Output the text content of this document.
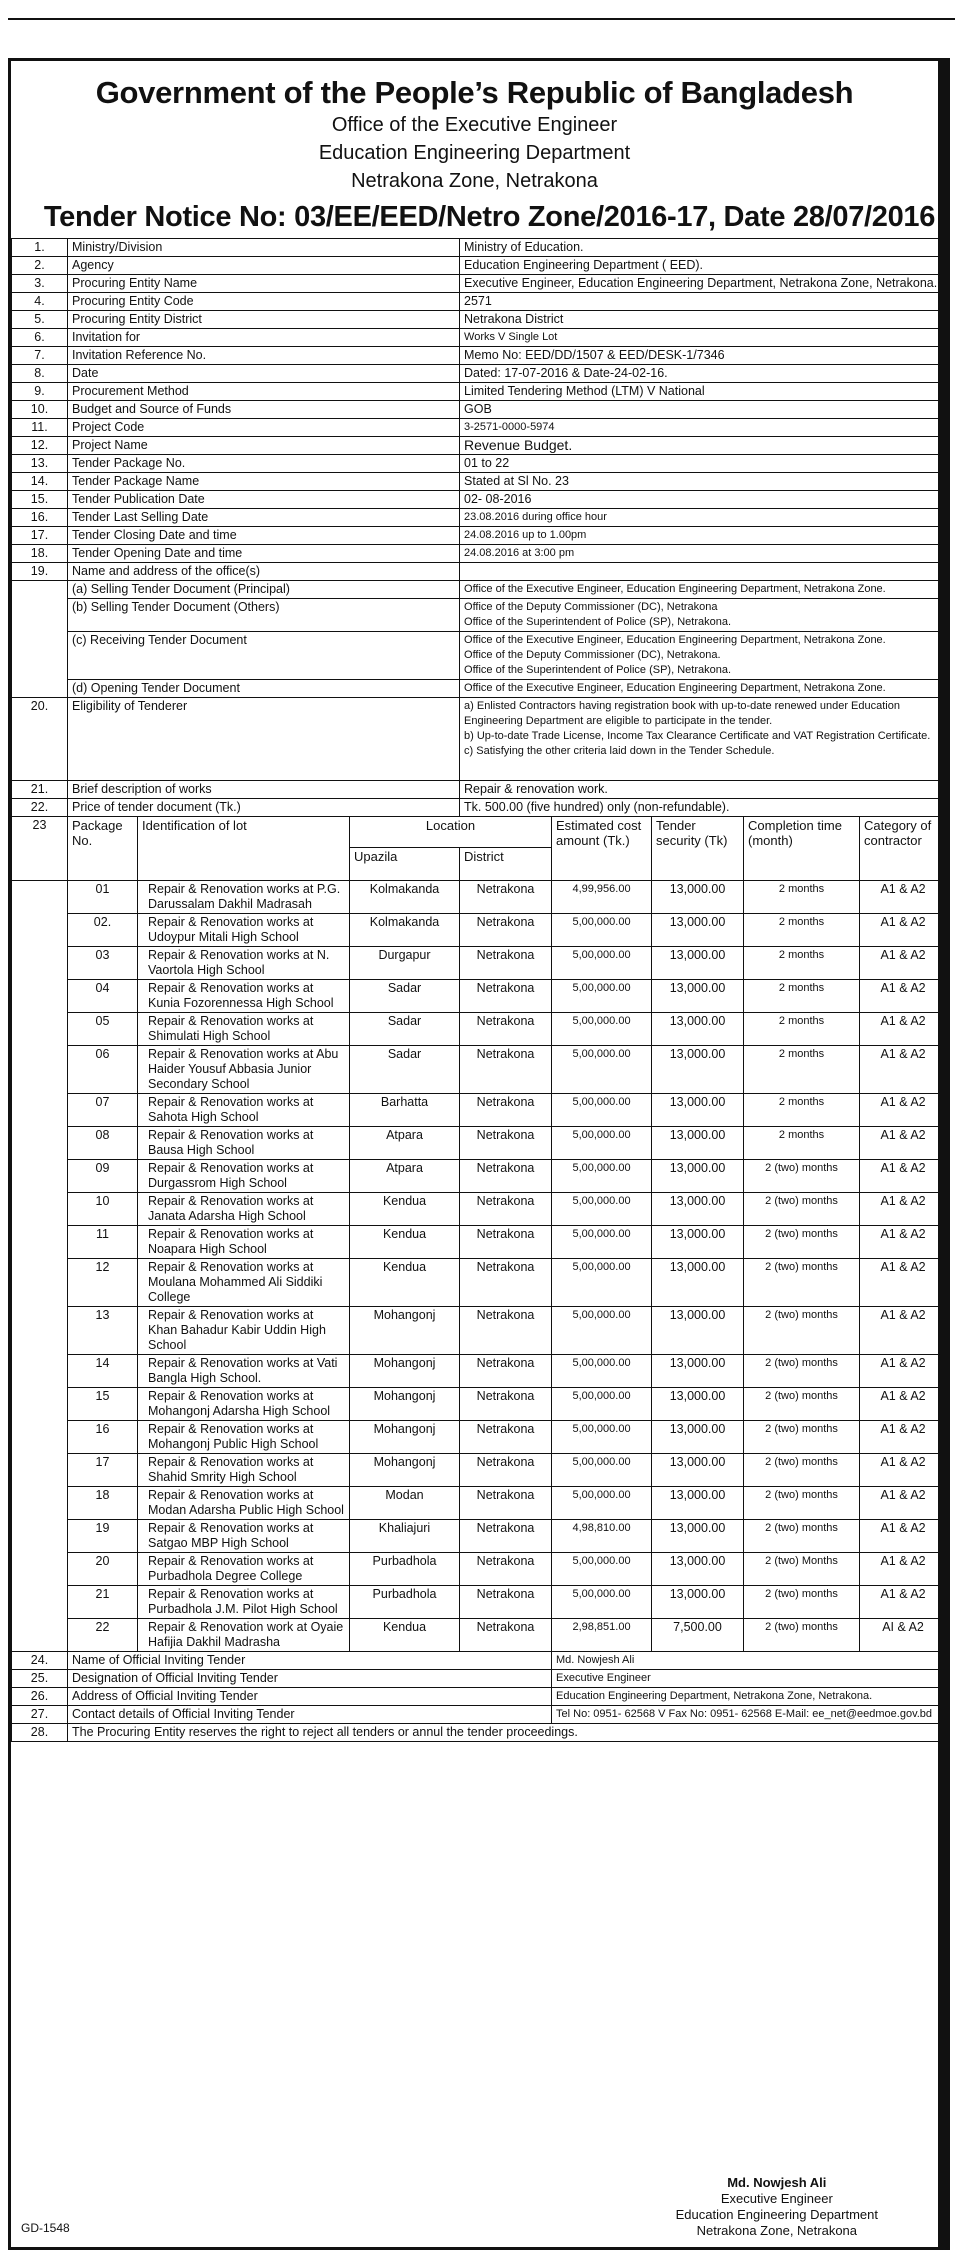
Government of the People’s Republic of Bangladesh
Office of the Executive Engineer
Education Engineering Department
Netrakona Zone, Netrakona
Tender Notice No: 03/EE/EED/Netro Zone/2016-17, Date 28/07/2016
1.	Ministry/Division			Ministry of Education.				
2.	Agency			Education Engineering Department ( EED).				
3.	Procuring Entity Name			Executive Engineer, Education Engineering Department, Netrakona Zone, Netrakona.				
4.	Procuring Entity Code			2571				
5.	Procuring Entity District			Netrakona District				
6.	Invitation for			Works V Single Lot				
7.	Invitation Reference No.			Memo No: EED/DD/1507 & EED/DESK-1/7346				
8.	Date			Dated: 17-07-2016 & Date-24-02-16.				
9.	Procurement Method			Limited Tendering Method (LTM) V National				
10.	Budget and Source of Funds			GOB				
11.	Project Code			3-2571-0000-5974				
12.	Project Name			Revenue Budget.				
13.	Tender Package No.			01 to 22				
14.	Tender Package Name			Stated at Sl No. 23				
15.	Tender Publication Date			02- 08-2016				
16.	Tender Last Selling Date			23.08.2016 during office hour				
17.	Tender Closing Date and time			24.08.2016 up to 1.00pm				
18.	Tender Opening Date and time			24.08.2016 at 3:00 pm				
19.	Name and address of the office(s)							
	(a) Selling Tender Document (Principal)			Office of the Executive Engineer, Education Engineering Department, Netrakona Zone.				

	(b) Selling Tender Document (Others)			Office of the Deputy Commissioner (DC), Netrakona
Office of the Superintendent of Police (SP), Netrakona.				

	(c) Receiving Tender Document			Office of the Executive Engineer, Education Engineering Department, Netrakona Zone.
Office of the Deputy Commissioner (DC), Netrakona.
Office of the Superintendent of Police (SP), Netrakona.				

	(d) Opening Tender Document			Office of the Executive Engineer, Education Engineering Department, Netrakona Zone.				

20.	Eligibility of Tenderer			a) Enlisted Contractors having registration book with up-to-date renewed under Education Engineering Department are eligible to participate in the tender.
b) Up-to-date Trade License, Income Tax Clearance Certificate and VAT Registration Certificate.
c) Satisfying the other criteria laid down in the Tender Schedule.				

21.	Brief description of works			Repair & renovation work.				
22.	Price of tender document (Tk.)			Tk. 500.00 (five hundred) only (non-refundable).				
23	Package No.	Identification of lot	Location		Estimated cost amount (Tk.)	Tender security (Tk)	Completion time (month)	Category of contractor
			Upazila	District				
	01	Repair & Renovation works at P.G. Darussalam Dakhil Madrasah	Kolmakanda	Netrakona	4,99,956.00	13,000.00	2 months	A1 & A2
	02.	Repair & Renovation works at Udoypur Mitali High School	Kolmakanda	Netrakona	5,00,000.00	13,000.00	2 months	A1 & A2
	03	Repair & Renovation works at N. Vaortola High School	Durgapur	Netrakona	5,00,000.00	13,000.00	2 months	A1 & A2
	04	Repair & Renovation works at Kunia Fozorennessa High School	Sadar	Netrakona	5,00,000.00	13,000.00	2 months	A1 & A2
	05	Repair & Renovation works at Shimulati High School	Sadar	Netrakona	5,00,000.00	13,000.00	2 months	A1 & A2
	06	Repair & Renovation works at Abu Haider Yousuf Abbasia Junior Secondary School	Sadar	Netrakona	5,00,000.00	13,000.00	2 months	A1 & A2
	07	Repair & Renovation works at Sahota High School	Barhatta	Netrakona	5,00,000.00	13,000.00	2 months	A1 & A2
	08	Repair & Renovation works at Bausa High School	Atpara	Netrakona	5,00,000.00	13,000.00	2 months	A1 & A2
	09	Repair & Renovation works at Durgassrom High School	Atpara	Netrakona	5,00,000.00	13,000.00	2 (two) months	A1 & A2
	10	Repair & Renovation works at Janata Adarsha High School	Kendua	Netrakona	5,00,000.00	13,000.00	2 (two) months	A1 & A2
	11	Repair & Renovation works at Noapara High School	Kendua	Netrakona	5,00,000.00	13,000.00	2 (two) months	A1 & A2
	12	Repair & Renovation works at Moulana Mohammed Ali Siddiki College	Kendua	Netrakona	5,00,000.00	13,000.00	2 (two) months	A1 & A2
	13	Repair & Renovation works at Khan Bahadur Kabir Uddin High School	Mohangonj	Netrakona	5,00,000.00	13,000.00	2 (two) months	A1 & A2
	14	Repair & Renovation works at Vati Bangla High School.	Mohangonj	Netrakona	5,00,000.00	13,000.00	2 (two) months	A1 & A2
	15	Repair & Renovation works at Mohangonj Adarsha High School	Mohangonj	Netrakona	5,00,000.00	13,000.00	2 (two) months	A1 & A2
	16	Repair & Renovation works at Mohangonj Public High School	Mohangonj	Netrakona	5,00,000.00	13,000.00	2 (two) months	A1 & A2
	17	Repair & Renovation works at Shahid Smrity High School	Mohangonj	Netrakona	5,00,000.00	13,000.00	2 (two) months	A1 & A2
	18	Repair & Renovation works at Modan Adarsha Public High School	Modan	Netrakona	5,00,000.00	13,000.00	2 (two) months	A1 & A2
	19	Repair & Renovation works at Satgao MBP High School	Khaliajuri	Netrakona	4,98,810.00	13,000.00	2 (two) months	A1 & A2
	20	Repair & Renovation works at Purbadhola Degree College	Purbadhola	Netrakona	5,00,000.00	13,000.00	2 (two) Months	A1 & A2
	21	Repair & Renovation works at Purbadhola J.M. Pilot High School	Purbadhola	Netrakona	5,00,000.00	13,000.00	2 (two) months	A1 & A2
	22	Repair & Renovation work at Oyaie Hafijia Dakhil Madrasha	Kendua	Netrakona	2,98,851.00	7,500.00	2 (two) months	AI & A2
24.	Name of Official Inviting Tender				Md. Nowjesh Ali			
25.	Designation of Official Inviting Tender				Executive Engineer			
26.	Address of Official Inviting Tender				Education Engineering Department, Netrakona Zone, Netrakona.			
27.	Contact details of Official Inviting Tender				Tel No: 0951- 62568 V Fax No: 0951- 62568 E-Mail: ee_net@eedmoe.gov.bd			
28.	The Procuring Entity reserves the right to reject all tenders or annul the tender proceedings.							
GD-1548
Md. Nowjesh Ali
Executive Engineer
Education Engineering Department
Netrakona Zone, Netrakona
